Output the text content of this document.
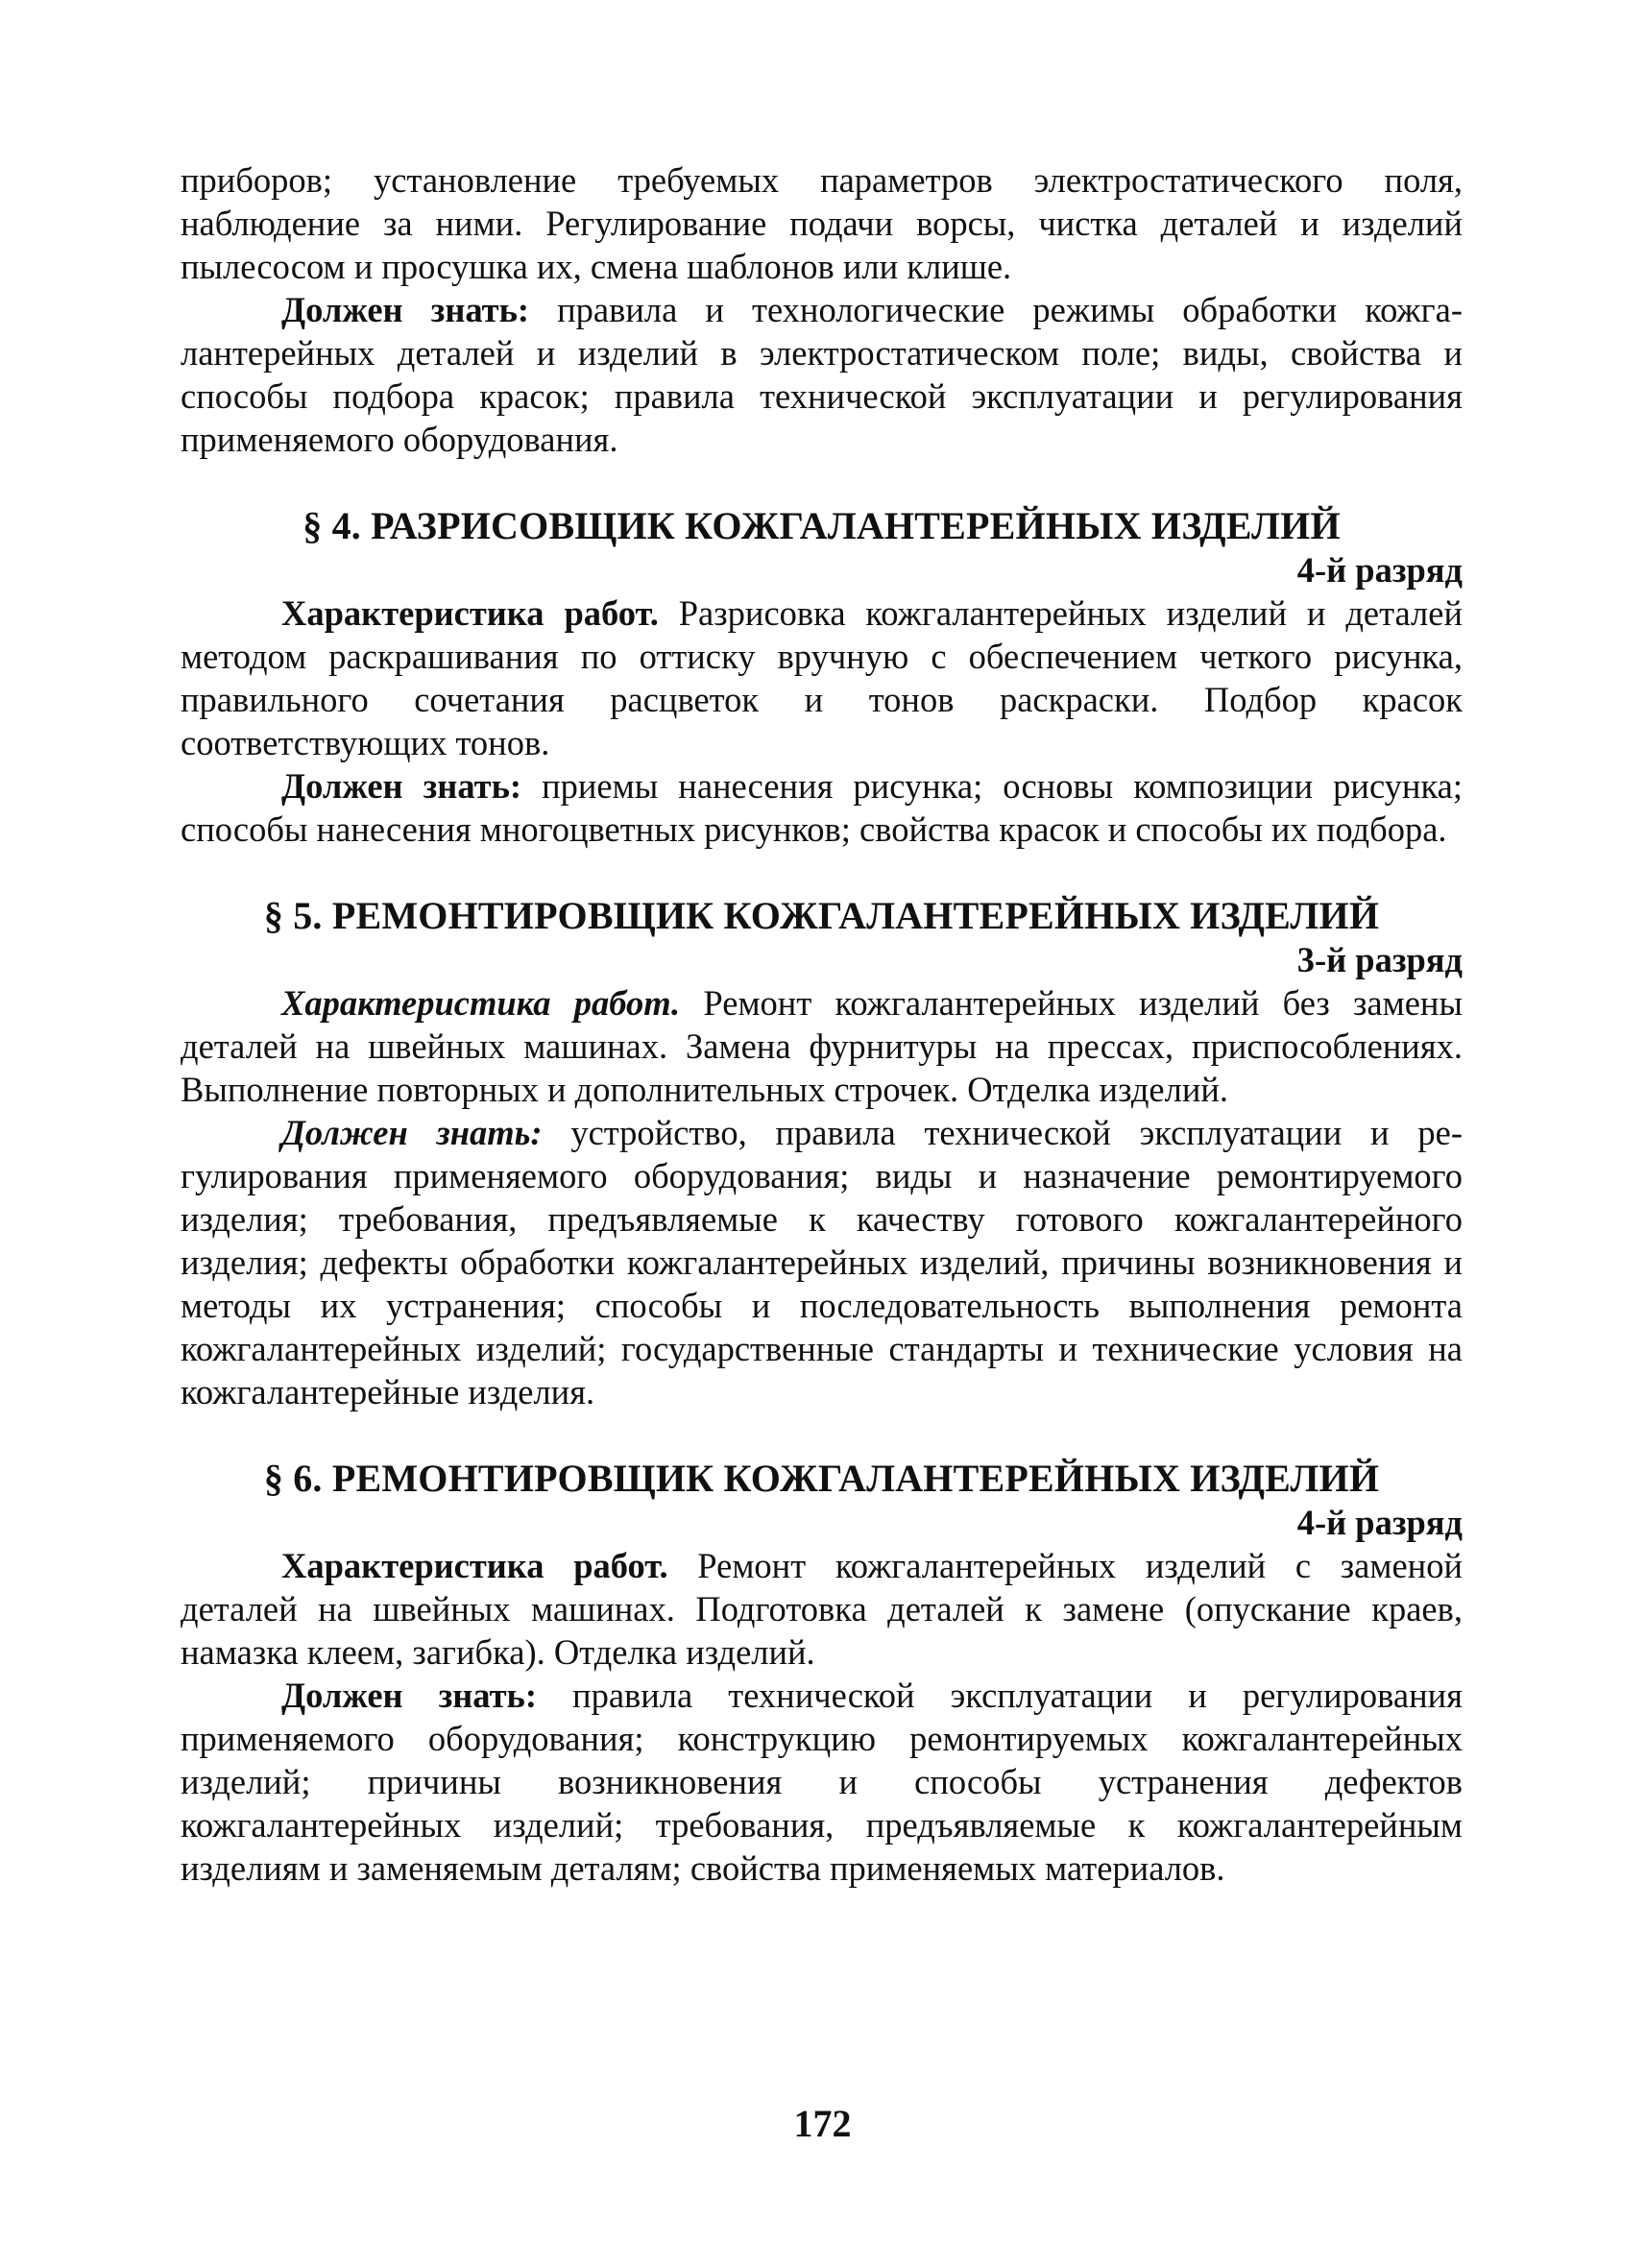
приборов; установление требуемых параметров электростатического поля, наблюдение за ними. Регулирование подачи ворсы, чистка деталей и изделий пылесосом и просушка их, смена шаблонов или клише.

Должен знать: правила и технологические режимы обработки кожгалантерейных деталей и изделий в электростатическом поле; виды, свойства и способы подбора красок; правила технической эксплуатации и регулирования применяемого оборудования.

§ 4. РАЗРИСОВЩИК КОЖГАЛАНТЕРЕЙНЫХ ИЗДЕЛИЙ

4-й разряд

Характеристика работ. Разрисовка кожгалантерейных изделий и деталей методом раскрашивания по оттиску вручную с обеспечением четкого рисунка, правильного сочетания расцветок и тонов раскраски. Подбор красок соответствующих тонов.

Должен знать: приемы нанесения рисунка; основы композиции рисунка; способы нанесения многоцветных рисунков; свойства красок и способы их подбора.

§ 5. РЕМОНТИРОВЩИК КОЖГАЛАНТЕРЕЙНЫХ ИЗДЕЛИЙ

3-й разряд

Характеристика работ. Ремонт кожгалантерейных изделий без замены деталей на швейных машинах. Замена фурнитуры на прессах, приспособлениях. Выполнение повторных и дополнительных строчек. Отделка изделий.

Должен знать: устройство, правила технической эксплуатации и регулирования применяемого оборудования; виды и назначение ремонтируемого изделия; требования, предъявляемые к качеству готового кожгалантерейного изделия; дефекты обработки кожгалантерейных изделий, причины возникновения и методы их устранения; способы и последовательность выполнения ремонта кожгалантерейных изделий; государственные стандарты и технические условия на кожгалантерейные изделия.

§ 6. РЕМОНТИРОВЩИК КОЖГАЛАНТЕРЕЙНЫХ ИЗДЕЛИЙ

4-й разряд

Характеристика работ. Ремонт кожгалантерейных изделий с заменой деталей на швейных машинах. Подготовка деталей к замене (опускание краев, намазка клеем, загибка). Отделка изделий.

Должен знать: правила технической эксплуатации и регулирования применяемого оборудования; конструкцию ремонтируемых кожгалантерейных изделий; причины возникновения и способы устранения дефектов кожгалантерейных изделий; требования, предъявляемые к кожгалантерейным изделиям и заменяемым деталям; свойства применяемых материалов.

172
